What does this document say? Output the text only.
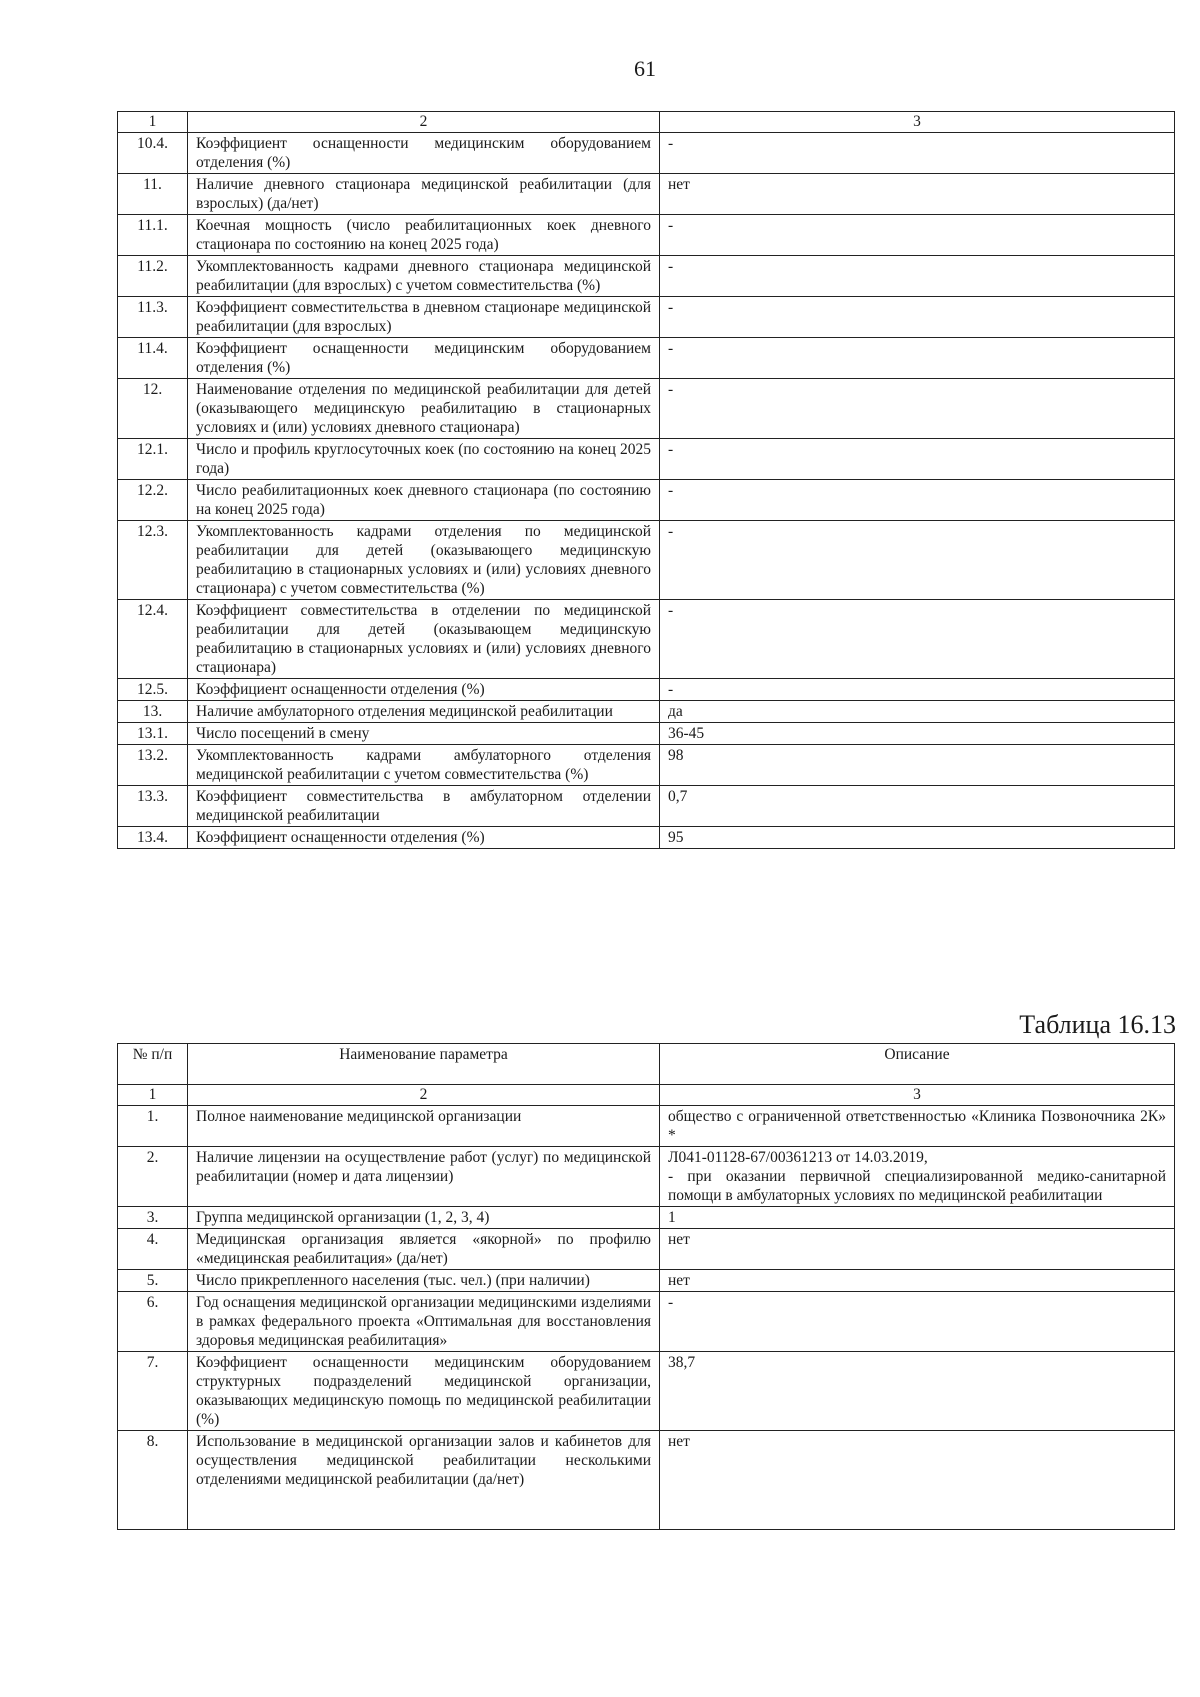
61
1	2	3
10.4.	Коэффициент оснащенности медицинским оборудованием отделения (%)	-
11.	Наличие дневного стационара медицинской реабилитации (для взрослых) (да/нет)	нет
11.1.	Коечная мощность (число реабилитационных коек дневного стационара по состоянию на конец 2025 года)	-
11.2.	Укомплектованность кадрами дневного стационара медицинской реабилитации (для взрослых) с учетом совместительства (%)	-
11.3.	Коэффициент совместительства в дневном стационаре медицинской реабилитации (для взрослых)	-
11.4.	Коэффициент оснащенности медицинским оборудованием отделения (%)	-
12.	Наименование отделения по медицинской реабилитации для детей (оказывающего медицинскую реабилитацию в стационарных условиях и (или) условиях дневного стационара)	-
12.1.	Число и профиль круглосуточных коек (по состоянию на конец 2025 года)	-
12.2.	Число реабилитационных коек дневного стационара (по состоянию на конец 2025 года)	-
12.3.	Укомплектованность кадрами отделения по медицинской реабилитации для детей (оказывающего медицинскую реабилитацию в стационарных условиях и (или) условиях дневного стационара) с учетом совместительства (%)	-
12.4.	Коэффициент совместительства в отделении по медицинской реабилитации для детей (оказывающем медицинскую реабилитацию в стационарных условиях и (или) условиях дневного стационара)	-
12.5.	Коэффициент оснащенности отделения (%)	-
13.	Наличие амбулаторного отделения медицинской реабилитации	да
13.1.	Число посещений в смену	36-45
13.2.	Укомплектованность кадрами амбулаторного отделения медицинской реабилитации с учетом совместительства (%)	98
13.3.	Коэффициент совместительства в амбулаторном отделении медицинской реабилитации	0,7
13.4.	Коэффициент оснащенности отделения (%)	95
Таблица 16.13
№ п/п	Наименование параметра	Описание
1	2	3
1.	Полное наименование медицинской организации	общество с ограниченной ответственностью «Клиника Позвоночника 2К» *
2.	Наличие лицензии на осуществление работ (услуг) по медицинской реабилитации (номер и дата лицензии)	Л041-01128-67/00361213 от 14.03.2019,
- при оказании первичной специализированной медико-санитарной помощи в амбулаторных условиях по медицинской реабилитации

3.	Группа медицинской организации (1, 2, 3, 4)	1
4.	Медицинская организация является «якорной» по профилю «медицинская реабилитация» (да/нет)	нет
5.	Число прикрепленного населения (тыс. чел.) (при наличии)	нет
6.	Год оснащения медицинской организации медицинскими изделиями в рамках федерального проекта «Оптимальная для восстановления здоровья медицинская реабилитация»	-
7.	Коэффициент оснащенности медицинским оборудованием структурных подразделений медицинской организации, оказывающих медицинскую помощь по медицинской реабилитации (%)	38,7
8.	Использование в медицинской организации залов и кабинетов для осуществления медицинской реабилитации несколькими отделениями медицинской реабилитации (да/нет)	нет
